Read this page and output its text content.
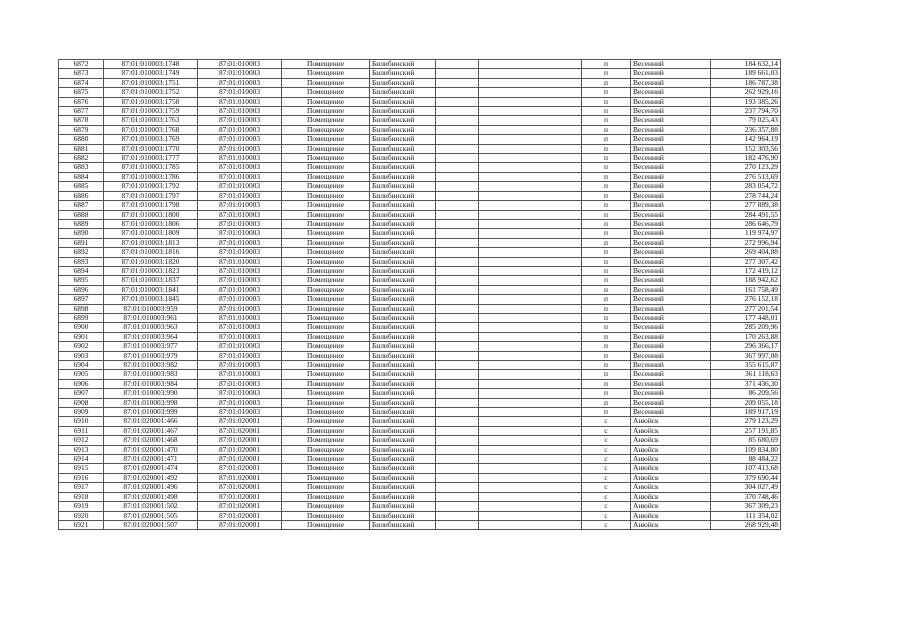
6872	87:01:010003:1748	87:01:010003	Помещение	Билибинский			п	Весенний	184 632,14
6873	87:01:010003:1749	87:01:010003	Помещение	Билибинский			п	Весенний	189 661,03
6874	87:01:010003:1751	87:01:010003	Помещение	Билибинский			п	Весенний	186 787,38
6875	87:01:010003:1752	87:01:010003	Помещение	Билибинский			п	Весенний	262 929,16
6876	87:01:010003:1758	87:01:010003	Помещение	Билибинский			п	Весенний	193 385,26
6877	87:01:010003:1759	87:01:010003	Помещение	Билибинский			п	Весенний	237 794,70
6878	87:01:010003:1763	87:01:010003	Помещение	Билибинский			п	Весенний	79 025,43
6879	87:01:010003:1768	87:01:010003	Помещение	Билибинский			п	Весенний	236 357,88
6880	87:01:010003:1769	87:01:010003	Помещение	Билибинский			п	Весенний	142 964,19
6881	87:01:010003:1770	87:01:010003	Помещение	Билибинский			п	Весенний	152 303,56
6882	87:01:010003:1777	87:01:010003	Помещение	Билибинский			п	Весенний	182 476,90
6883	87:01:010003:1785	87:01:010003	Помещение	Билибинский			п	Весенний	270 123,29
6884	87:01:010003:1786	87:01:010003	Помещение	Билибинский			п	Весенний	276 513,69
6885	87:01:010003:1792	87:01:010003	Помещение	Билибинский			п	Весенний	283 054,72
6886	87:01:010003:1797	87:01:010003	Помещение	Билибинский			п	Весенний	278 744,24
6887	87:01:010003:1798	87:01:010003	Помещение	Билибинский			п	Весенний	277 889,38
6888	87:01:010003:1800	87:01:010003	Помещение	Билибинский			п	Весенний	284 491,55
6889	87:01:010003:1806	87:01:010003	Помещение	Билибинский			п	Весенний	286 646,79
6890	87:01:010003:1809	87:01:010003	Помещение	Билибинский			п	Весенний	119 974,97
6891	87:01:010003:1813	87:01:010003	Помещение	Билибинский			п	Весенний	272 996,94
6892	87:01:010003:1816	87:01:010003	Помещение	Билибинский			п	Весенний	269 404,88
6893	87:01:010003:1820	87:01:010003	Помещение	Билибинский			п	Весенний	277 307,42
6894	87:01:010003:1823	87:01:010003	Помещение	Билибинский			п	Весенний	172 419,12
6895	87:01:010003:1837	87:01:010003	Помещение	Билибинский			п	Весенний	188 942,62
6896	87:01:010003:1841	87:01:010003	Помещение	Билибинский			п	Весенний	161 758,49
6897	87:01:010003:1845	87:01:010003	Помещение	Билибинский			п	Весенний	276 152,18
6898	87:01:010003:959	87:01:010003	Помещение	Билибинский			п	Весенний	277 201,54
6899	87:01:010003:961	87:01:010003	Помещение	Билибинский			п	Весенний	177 448,01
6900	87:01:010003:963	87:01:010003	Помещение	Билибинский			п	Весенний	285 209,96
6901	87:01:010003:964	87:01:010003	Помещение	Билибинский			п	Весенний	170 263,88
6902	87:01:010003:977	87:01:010003	Помещение	Билибинский			п	Весенний	296 366,17
6903	87:01:010003:979	87:01:010003	Помещение	Билибинский			п	Весенний	367 997,08
6904	87:01:010003:982	87:01:010003	Помещение	Билибинский			п	Весенний	355 615,87
6905	87:01:010003:983	87:01:010003	Помещение	Билибинский			п	Весенний	361 118,63
6906	87:01:010003:984	87:01:010003	Помещение	Билибинский			п	Весенний	371 436,30
6907	87:01:010003:990	87:01:010003	Помещение	Билибинский			п	Весенний	86 209,56
6908	87:01:010003:998	87:01:010003	Помещение	Билибинский			п	Весенний	209 055,18
6909	87:01:010003:999	87:01:010003	Помещение	Билибинский			п	Весенний	189 917,19
6910	87:01:020001:466	87:01:020001	Помещение	Билибинский			с	Анюйск	279 123,29
6911	87:01:020001:467	87:01:020001	Помещение	Билибинский			с	Анюйск	257 191,85
6912	87:01:020001:468	87:01:020001	Помещение	Билибинский			с	Анюйск	85 680,69
6913	87:01:020001:470	87:01:020001	Помещение	Билибинский			с	Анюйск	109 834,80
6914	87:01:020001:471	87:01:020001	Помещение	Билибинский			с	Анюйск	88 484,22
6915	87:01:020001:474	87:01:020001	Помещение	Билибинский			с	Анюйск	107 413,68
6916	87:01:020001:492	87:01:020001	Помещение	Билибинский			с	Анюйск	379 690,44
6917	87:01:020001:496	87:01:020001	Помещение	Билибинский			с	Анюйск	304 027,49
6918	87:01:020001:498	87:01:020001	Помещение	Билибинский			с	Анюйск	370 748,46
6919	87:01:020001:502	87:01:020001	Помещение	Билибинский			с	Анюйск	367 309,23
6920	87:01:020001:505	87:01:020001	Помещение	Билибинский			с	Анюйск	111 354,02
6921	87:01:020001:507	87:01:020001	Помещение	Билибинский			с	Анюйск	268 929,48
